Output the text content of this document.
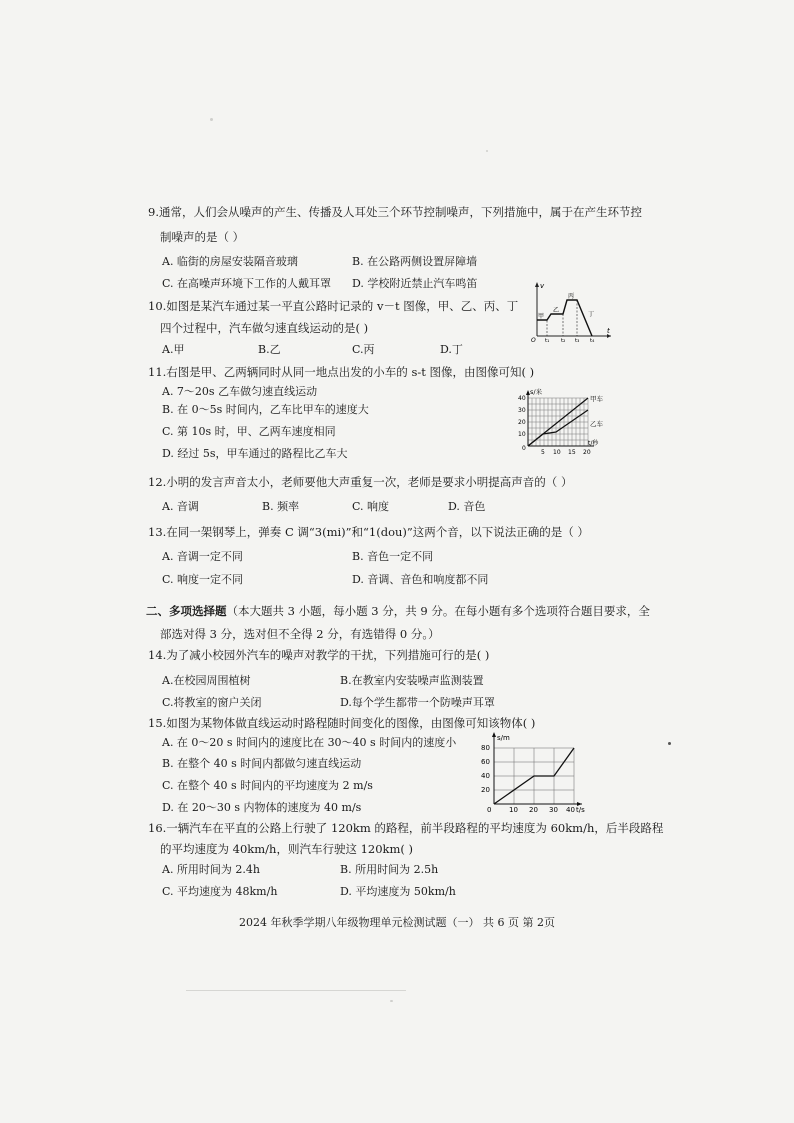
9.通常，人们会从噪声的产生、传播及人耳处三个环节控制噪声，下列措施中，属于在产生环节控
制噪声的是（ ）
A. 临街的房屋安装隔音玻璃	B. 在公路两侧设置屏障墙
C. 在高噪声环境下工作的人戴耳罩 D. 学校附近禁止汽车鸣笛
10.如图是某汽车通过某一平直公路时记录的 v－t 图像，甲、乙、丙、丁
四个过程中，汽车做匀速直线运动的是( )
A.甲	B.乙	C.丙	D.丁
v
t
O t₁ t₂ t₃ t₄
甲
乙
丙
丁
11.右图是甲、乙两辆同时从同一地点出发的小车的 s-t 图像，由图像可知( )
A. 7～20s 乙车做匀速直线运动
B. 在 0～5s 时间内，乙车比甲车的速度大
C. 第 10s 时，甲、乙两车速度相同
D. 经过 5s，甲车通过的路程比乙车大
s/米
t/秒
0
10
20
30
40
5 10 15 20
甲车
乙车
12.小明的发言声音太小，老师要他大声重复一次，老师是要求小明提高声音的（ ）
A. 音调	B. 频率	C. 响度	D. 音色
13.在同一架钢琴上，弹奏 C 调“3(mi)”和“1(dou)”这两个音，以下说法正确的是（ ）
A. 音调一定不同	B. 音色一定不同
C. 响度一定不同	D. 音调、音色和响度都不同
二、多项选择题（本大题共 3 小题，每小题 3 分，共 9 分。在每小题有多个选项符合题目要求，全
部选对得 3 分，选对但不全得 2 分，有选错得 0 分。）
14.为了减小校园外汽车的噪声对教学的干扰，下列措施可行的是( )
A.在校园周围植树	B.在教室内安装噪声监测装置
C.将教室的窗户关闭	D.每个学生都带一个防噪声耳罩
15.如图为某物体做直线运动时路程随时间变化的图像，由图像可知该物体( )
A. 在 0～20 s 时间内的速度比在 30～40 s 时间内的速度小
B. 在整个 40 s 时间内都做匀速直线运动
C. 在整个 40 s 时间内的平均速度为 2 m/s
D. 在 20～30 s 内物体的速度为 40 m/s
s/m
t/s
0
20
40
60
80
10 20 30 40
16.一辆汽车在平直的公路上行驶了 120km 的路程，前半段路程的平均速度为 60km/h，后半段路程
的平均速度为 40km/h，则汽车行驶这 120km( )
A. 所用时间为 2.4h	B. 所用时间为 2.5h
C. 平均速度为 48km/h	D. 平均速度为 50km/h
2024 年秋季学期八年级物理单元检测试题（一） 共 6 页 第 2页
